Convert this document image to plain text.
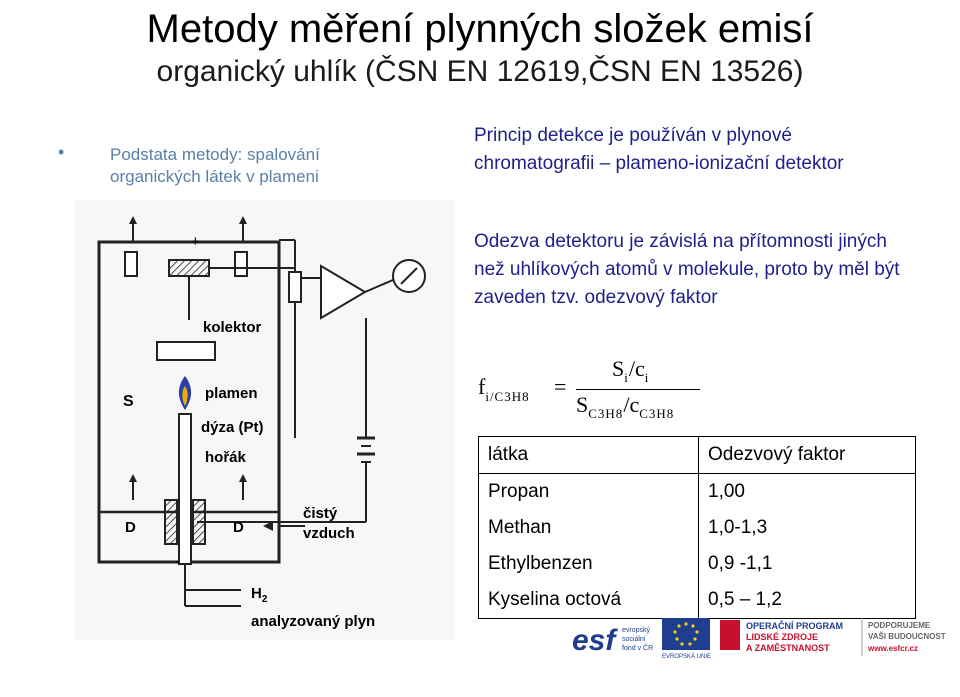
Metody měření plynných složek emisí
organický uhlík (ČSN EN 12619,ČSN EN 13526)
•	Podstata metody: spalování organických látek v plameni
Princip detekce je používán v plynové chromatografii – plameno-ionizační detektor
Odezva detektoru je závislá na přítomnosti jiných než uhlíkových atomů v molekule, proto by měl být zaveden tzv. odezvový faktor
+
kolektor
S	plamen
dýza (Pt)
hořák
D	D
-
čistý
vzduch
$H_2$
analyzovaný plyn
$f_{i/C3H8}$ =
$S_i/c_i$
$S_{C3H8}/c_{C3H8}$
látka	Odezvový faktor
Propan	1,00
Methan	1,0-1,3
Ethylbenzen	0,9 -1,1
Kyselina octová	0,5 – 1,2
esf evropský
sociální
fond v ČR
EVROPSKÁ UNIE
OPERAČNÍ PROGRAM
LIDSKÉ ZDROJE
A ZAMĚSTNANOST
PODPORUJEME
VAŠI BUDOUCNOST
www.esfcr.cz
